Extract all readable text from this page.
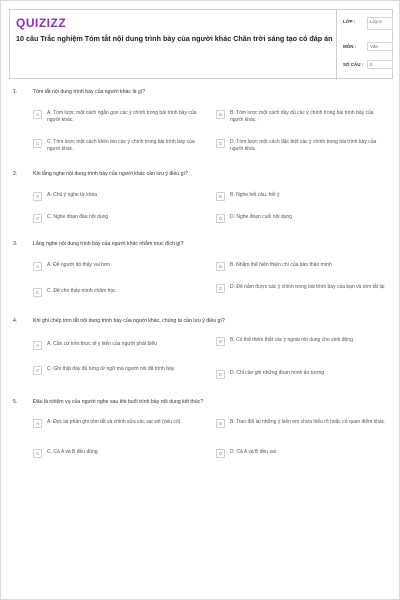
QUIZIZZ
10 câu Trắc nghiệm Tóm tắt nội dung trình bày của người khác Chân trời sáng tạo có đáp án
LỚP :	Lớp 6
MÔN :	Văn
SỐ CÂU :	5
1.	Tóm tắt nội dung trình bày của người khác là gì?
A	A. Tóm lược một cách ngắn gọn các ý chính trong bài trình bày của người khác.
B	B. Tóm lược một cách đầy đủ các ý chính trong bài trình bày của người khác.
C	C. Tóm lược một cách khéo léo các ý chính trong bài trình bày của người khác.
D	D. Tóm lược một cách đặc biệt các ý chính trong bài trình bày của người khác.
2.	Khi lắng nghe nội dung trình bày của người khác cần lưu ý điều gì?
A	A. Chú ý nghe từ khóa	B	B. Nghe hết câu, hết ý
C	C. Nghe đoạn đầu nội dung	D	D. Nghe đoạn cuối nội dung
3.	Lắng nghe nội dung trình bày của người khác nhằm mục đích gì?
A	A. Để người đó thấy vui hơn	B	B. Nhằm thể hiện thiện chí của bản thân mình
C	C. Để cho thầy mình chăm học	D	D. Để nắm được các ý chính trong bài trình bày của bạn và tóm tắt lại
4.	Khi ghi chép tóm tắt nội dung trình bày của người khác, chúng ta cần lưu ý điều gì?
A	A. Cần cứ trên thực tế ý kiến của người phát biểu	B	B. Có thể thêm thắt các ý ngoài nội dung cho sinh động
C	C. Ghi thật đầy đủ từng từ ngữ mà người nói đã trình bày
D	D. Chỉ cần ghi những đoạn mình ấn tượng
5.	Đâu là nhiệm vụ của người nghe sau khi buổi trình bày nội dung kết thúc?
A	A. Đọc lại phần ghi tóm tắt và chỉnh sửa các sai sót (nếu có).	B	B. Trao đổi lại những ý kiến em chưa hiểu rõ hoặc có quan điểm khác.
C	C. Cả A và B đều đúng	D	D. Cả A và B đều sai
